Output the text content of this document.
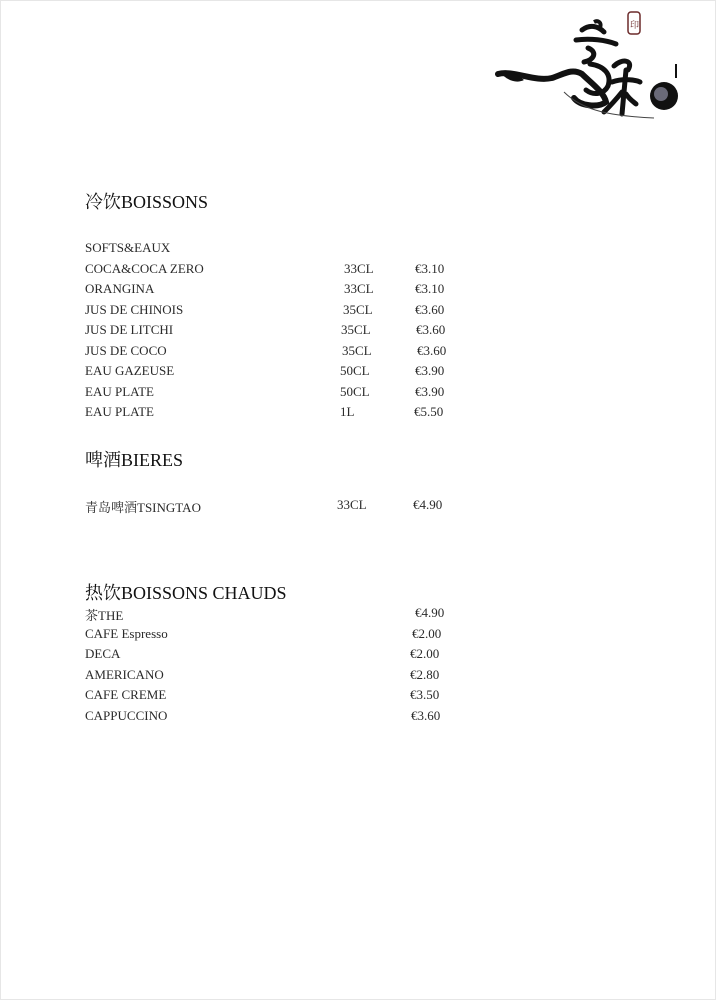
印
冷饮BOISSONS
SOFTS&EAUX
COCA&COCA ZERO	33CL	€3.10
ORANGINA	33CL	€3.10
JUS DE CHINOIS	35CL	€3.60
JUS DE LITCHI	35CL	€3.60
JUS DE COCO	35CL	€3.60
EAU GAZEUSE	50CL	€3.90
EAU PLATE	50CL	€3.90
EAU PLATE	1L	€5.50
啤酒BIERES
青岛啤酒TSINGTAO	33CL	€4.90
热饮BOISSONS CHAUDS
茶THE	€4.90
CAFE Espresso	€2.00
DECA	€2.00
AMERICANO	€2.80
CAFE CREME	€3.50
CAPPUCCINO	€3.60
